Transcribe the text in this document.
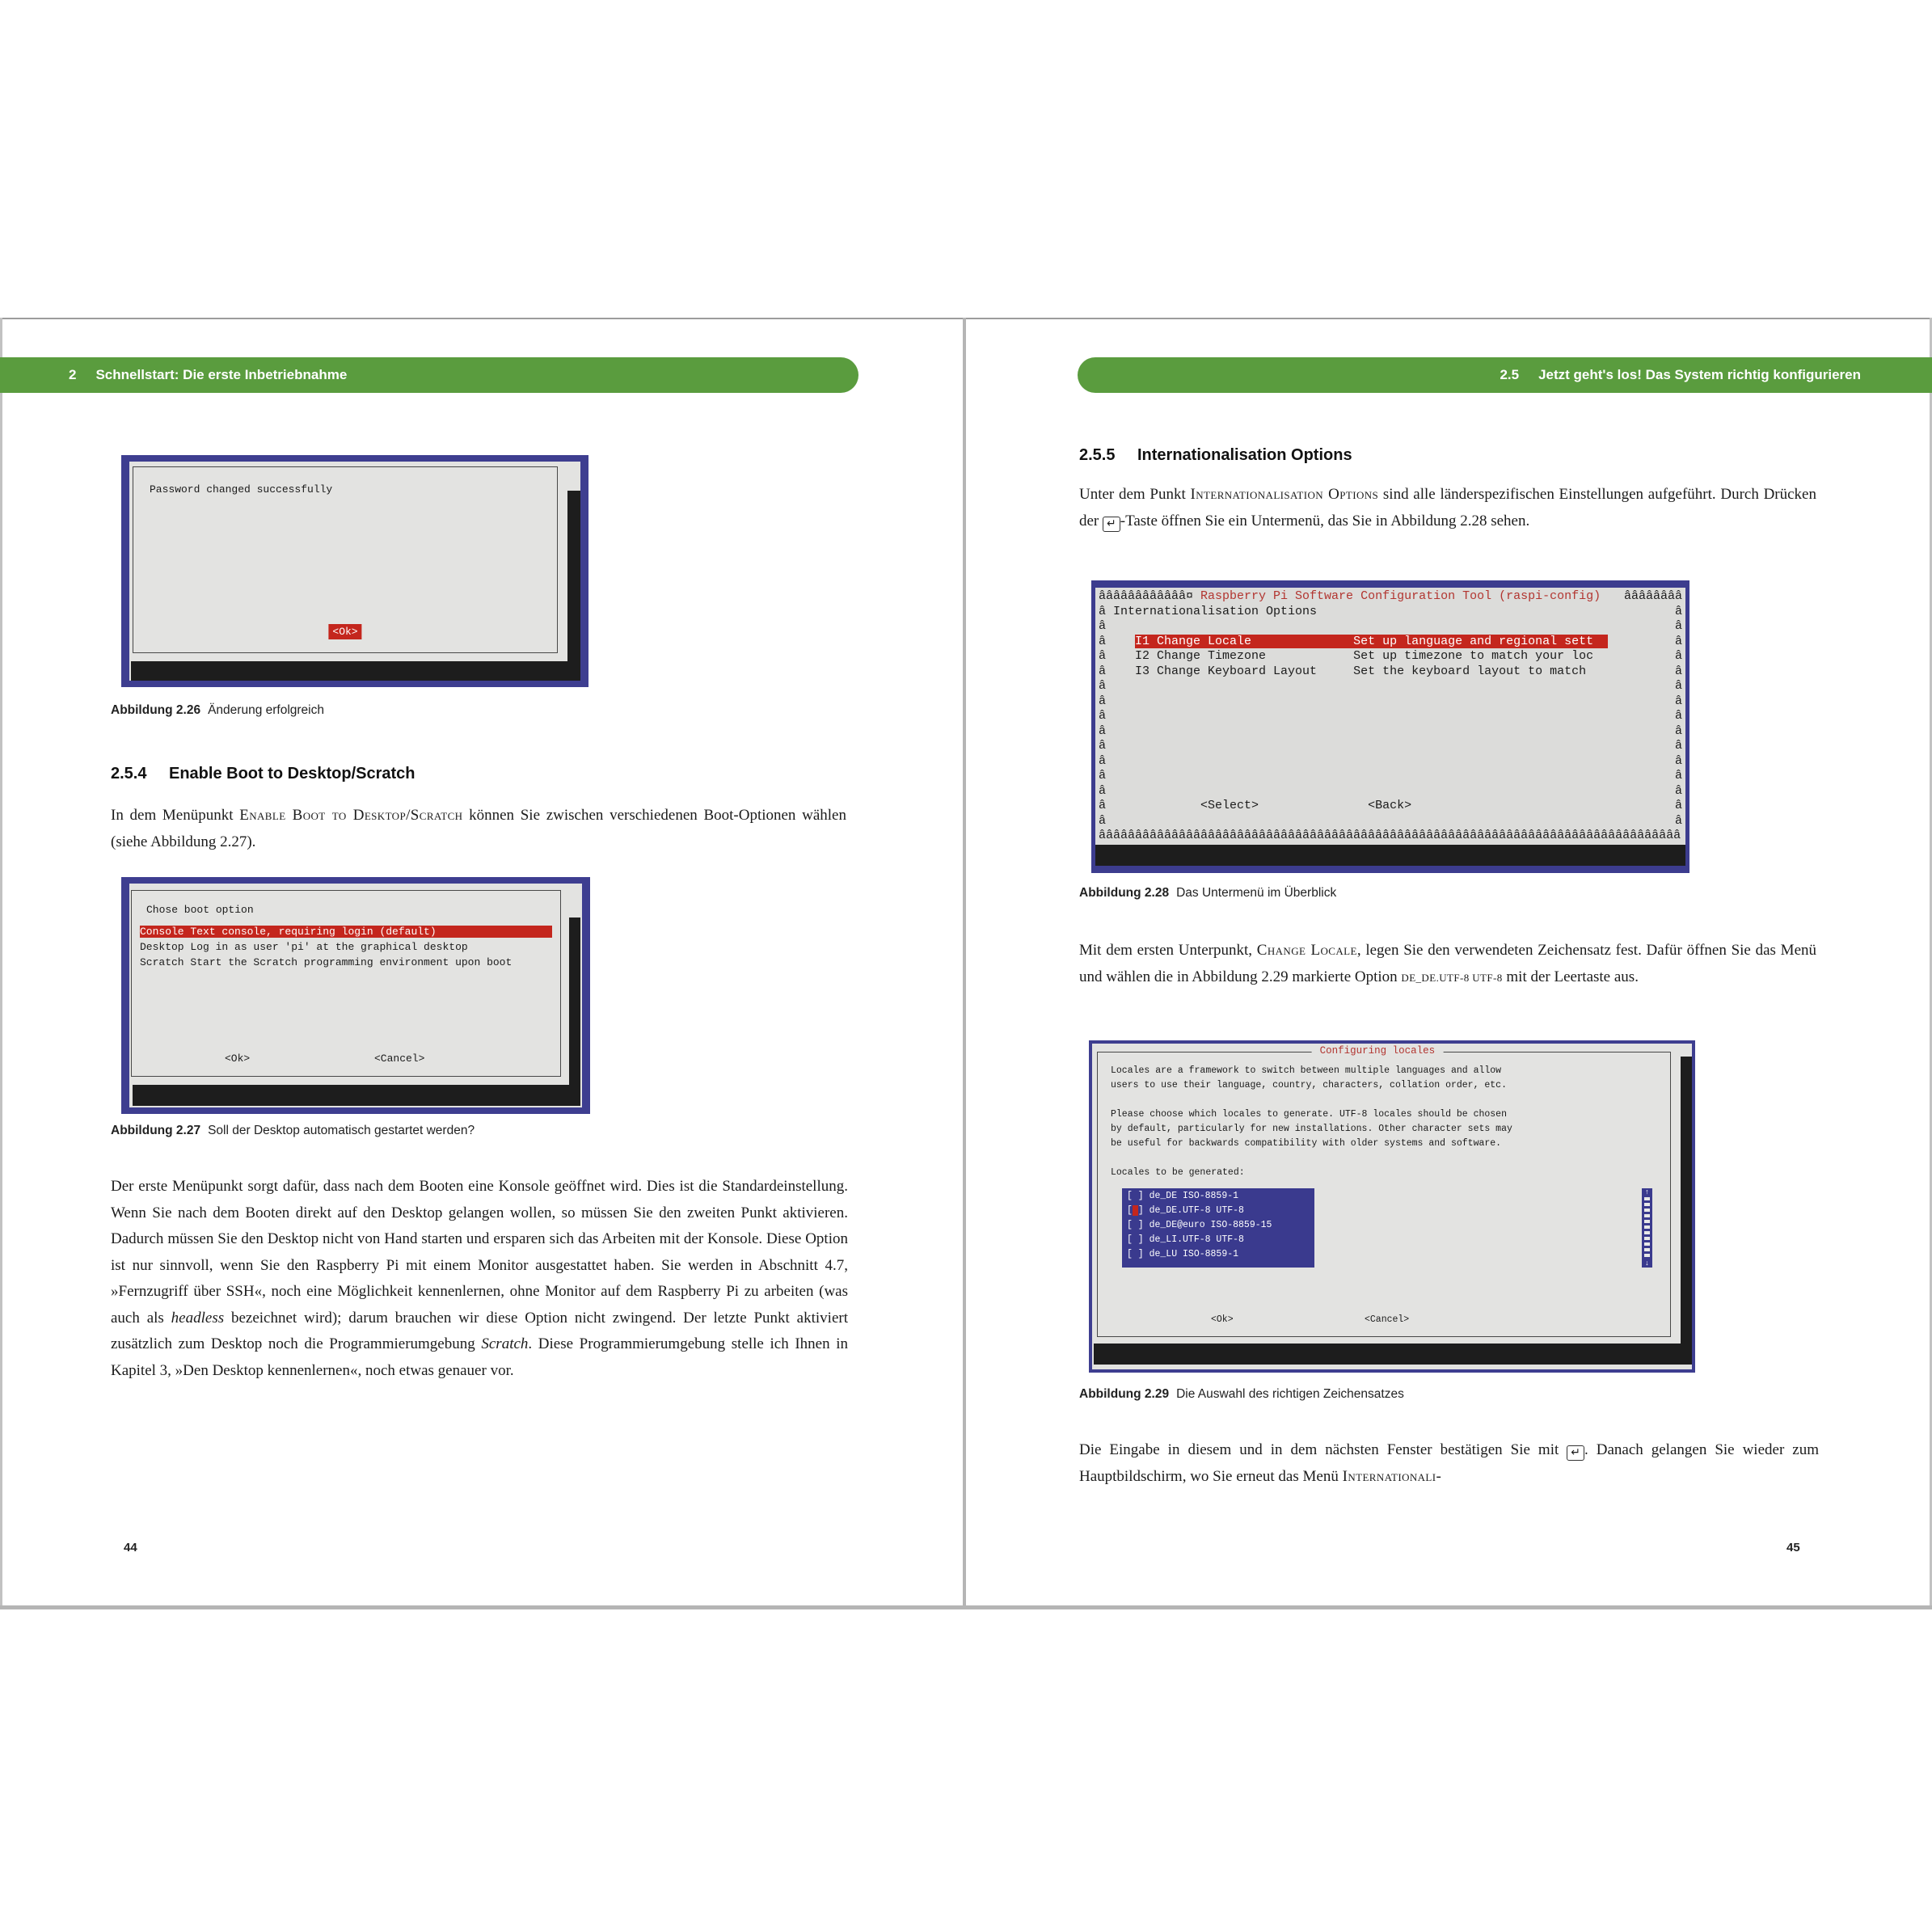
2 Schnellstart: Die erste Inbetriebnahme
Password changed successfully
<Ok>
Abbildung 2.26 Änderung erfolgreich
2.5.4 Enable Boot to Desktop/Scratch
In dem Menüpunkt Enable Boot to Desktop/Scratch können Sie zwischen verschiedenen Boot-Optionen wählen (siehe Abbildung 2.27).
Chose boot option
Console Text console, requiring login (default)
Desktop Log in as user 'pi' at the graphical desktop
Scratch Start the Scratch programming environment upon boot
<Ok>	<Cancel>
Abbildung 2.27 Soll der Desktop automatisch gestartet werden?
Der erste Menüpunkt sorgt dafür, dass nach dem Booten eine Konsole geöffnet wird. Dies ist die Standardeinstellung. Wenn Sie nach dem Booten direkt auf den Desktop gelangen wollen, so müssen Sie den zweiten Punkt aktivieren. Dadurch müssen Sie den Desktop nicht von Hand starten und ersparen sich das Arbeiten mit der Konsole. Diese Option ist nur sinnvoll, wenn Sie den Raspberry Pi mit einem Monitor ausgestattet haben. Sie werden in Abschnitt 4.7, »Fernzugriff über SSH«, noch eine Möglichkeit kennenlernen, ohne Monitor auf dem Raspberry Pi zu arbeiten (was auch als headless bezeichnet wird); darum brauchen wir diese Option nicht zwingend. Der letzte Punkt aktiviert zusätzlich zum Desktop noch die Programmierumgebung Scratch. Diese Programmierumgebung stelle ich Ihnen in Kapitel 3, »Den Desktop kennenlernen«, noch etwas genauer vor.
44
2.5 Jetzt geht's los! Das System richtig konfigurieren
2.5.5 Internationalisation Options
Unter dem Punkt Internationalisation Options sind alle länderspezifischen Einstellungen aufgeführt. Durch Drücken der ↵ -Taste öffnen Sie ein Untermenü, das Sie in Abbildung 2.28 sehen.
ââââââââââââ¤ Raspberry Pi Software Configuration Tool (raspi-config)	ââââââââ
â Internationalisation Options	â
â	â
â	I1 Change Locale              Set up language and regional sett	â
â I2 Change Timezone            Set up timezone to match your loc	â
â I3 Change Keyboard Layout     Set the keyboard layout to match	â
â	â
â	â
â	â
â	â
â	â
â	â
â	â
â	â
â <Select>               <Back>	â
â	â
ââââââââââââââââââââââââââââââââââââââââââââââââââââââââââââââââââââââââââââââââ
Abbildung 2.28 Das Untermenü im Überblick
Mit dem ersten Unterpunkt, Change Locale, legen Sie den verwendeten Zeichensatz fest. Dafür öffnen Sie das Menü und wählen die in Abbildung 2.29 markierte Option DE_DE.UTF-8 UTF-8 mit der Leertaste aus.
Configuring locales
Locales are a framework to switch between multiple languages and allow
users to use their language, country, characters, collation order, etc.
Please choose which locales to generate. UTF-8 locales should be chosen
by default, particularly for new installations. Other character sets may
be useful for backwards compatibility with older systems and software.
Locales to be generated:
[ ] de_DE ISO-8859-1
[ ] de_DE.UTF-8 UTF-8
[ ] de_DE@euro ISO-8859-15
[ ] de_LI.UTF-8 UTF-8
[ ] de_LU ISO-8859-1
↑
↓
<Ok>	<Cancel>
Abbildung 2.29 Die Auswahl des richtigen Zeichensatzes
Die Eingabe in diesem und in dem nächsten Fenster bestätigen Sie mit ↵ . Danach gelangen Sie wieder zum Hauptbildschirm, wo Sie erneut das Menü Internationali-
45
